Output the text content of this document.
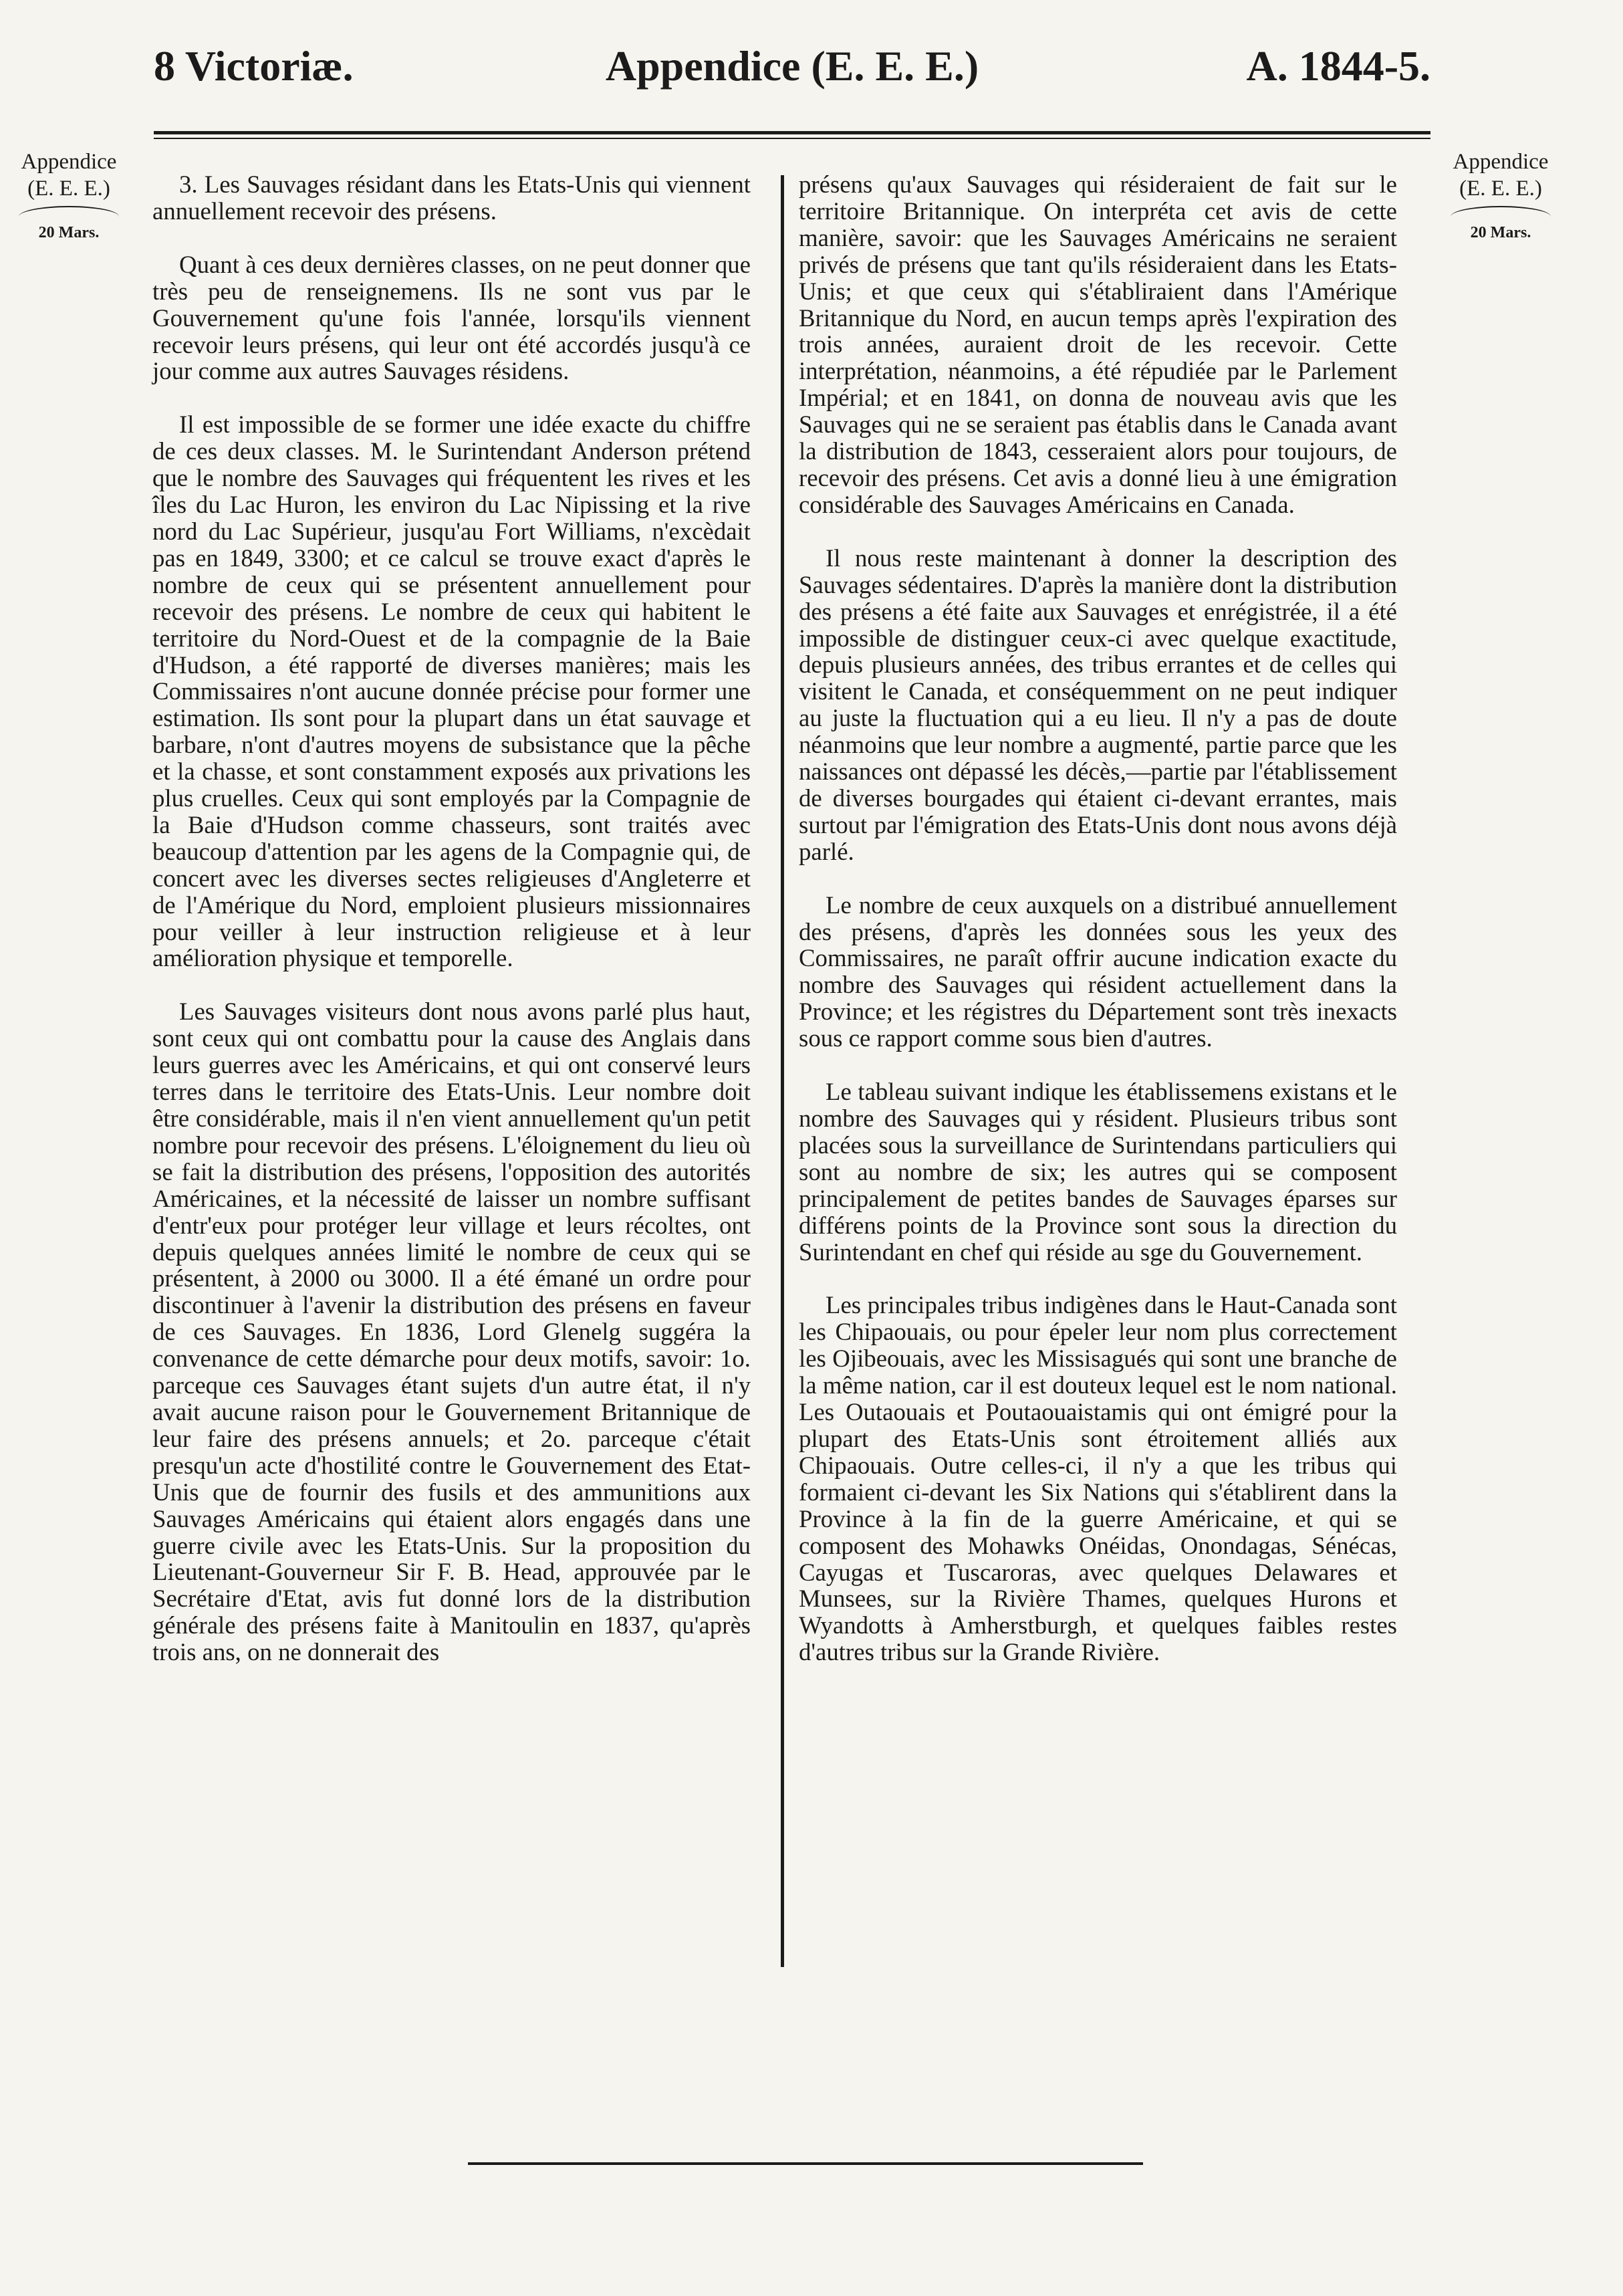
8 Victoriæ.	Appendice (E. E. E.)	A. 1844-5.
Appendice
(E. E. E.)
20 Mars.
Appendice
(E. E. E.)
20 Mars.

3. Les Sauvages résidant dans les Etats-Unis qui viennent annuellement recevoir des présens.

Quant à ces deux dernières classes, on ne peut donner que très peu de renseignemens. Ils ne sont vus par le Gouvernement qu'une fois l'année, lorsqu'ils viennent recevoir leurs présens, qui leur ont été accordés jusqu'à ce jour comme aux autres Sauvages résidens.

Il est impossible de se former une idée exacte du chiffre de ces deux classes. M. le Surintendant Anderson prétend que le nombre des Sauvages qui fréquentent les rives et les îles du Lac Huron, les environ du Lac Nipissing et la rive nord du Lac Supérieur, jusqu'au Fort Williams, n'excèdait pas en 1849, 3300; et ce calcul se trouve exact d'après le nombre de ceux qui se présentent annuellement pour recevoir des présens. Le nombre de ceux qui habitent le territoire du Nord-Ouest et de la compagnie de la Baie d'Hudson, a été rapporté de diverses manières; mais les Commissaires n'ont aucune donnée précise pour former une estimation. Ils sont pour la plupart dans un état sauvage et barbare, n'ont d'autres moyens de subsistance que la pêche et la chasse, et sont constamment exposés aux privations les plus cruelles. Ceux qui sont employés par la Compagnie de la Baie d'Hudson comme chasseurs, sont traités avec beaucoup d'attention par les agens de la Compagnie qui, de concert avec les diverses sectes religieuses d'Angleterre et de l'Amérique du Nord, emploient plusieurs missionnaires pour veiller à leur instruction religieuse et à leur amélioration physique et temporelle.

Les Sauvages visiteurs dont nous avons parlé plus haut, sont ceux qui ont combattu pour la cause des Anglais dans leurs guerres avec les Américains, et qui ont conservé leurs terres dans le territoire des Etats-Unis. Leur nombre doit être considérable, mais il n'en vient annuellement qu'un petit nombre pour recevoir des présens. L'éloignement du lieu où se fait la distribution des présens, l'opposition des autorités Américaines, et la nécessité de laisser un nombre suffisant d'entr'eux pour protéger leur village et leurs récoltes, ont depuis quelques années limité le nombre de ceux qui se présentent, à 2000 ou 3000. Il a été émané un ordre pour discontinuer à l'avenir la distribution des présens en faveur de ces Sauvages. En 1836, Lord Glenelg suggéra la convenance de cette démarche pour deux motifs, savoir: 1o. parceque ces Sauvages étant sujets d'un autre état, il n'y avait aucune raison pour le Gouvernement Britannique de leur faire des présens annuels; et 2o. parceque c'était presqu'un acte d'hostilité contre le Gouvernement des Etat-Unis que de fournir des fusils et des ammunitions aux Sauvages Américains qui étaient alors engagés dans une guerre civile avec les Etats-Unis. Sur la proposition du Lieutenant-Gouverneur Sir F. B. Head, approuvée par le Secrétaire d'Etat, avis fut donné lors de la distribution générale des présens faite à Manitoulin en 1837, qu'après trois ans, on ne donnerait des

présens qu'aux Sauvages qui résideraient de fait sur le territoire Britannique. On interpréta cet avis de cette manière, savoir: que les Sauvages Américains ne seraient privés de présens que tant qu'ils résideraient dans les Etats-Unis; et que ceux qui s'établiraient dans l'Amérique Britannique du Nord, en aucun temps après l'expiration des trois années, auraient droit de les recevoir. Cette interprétation, néanmoins, a été répudiée par le Parlement Impérial; et en 1841, on donna de nouveau avis que les Sauvages qui ne se seraient pas établis dans le Canada avant la distribution de 1843, cesseraient alors pour toujours, de recevoir des présens. Cet avis a donné lieu à une émigration considérable des Sauvages Américains en Canada.

Il nous reste maintenant à donner la description des Sauvages sédentaires. D'après la manière dont la distribution des présens a été faite aux Sauvages et enrégistrée, il a été impossible de distinguer ceux-ci avec quelque exactitude, depuis plusieurs années, des tribus errantes et de celles qui visitent le Canada, et conséquemment on ne peut indiquer au juste la fluctuation qui a eu lieu. Il n'y a pas de doute néanmoins que leur nombre a augmenté, partie parce que les naissances ont dépassé les décès,—partie par l'établissement de diverses bourgades qui étaient ci-devant errantes, mais surtout par l'émigration des Etats-Unis dont nous avons déjà parlé.

Le nombre de ceux auxquels on a distribué annuellement des présens, d'après les données sous les yeux des Commissaires, ne paraît offrir aucune indication exacte du nombre des Sauvages qui résident actuellement dans la Province; et les régistres du Département sont très inexacts sous ce rapport comme sous bien d'autres.

Le tableau suivant indique les établissemens existans et le nombre des Sauvages qui y résident. Plusieurs tribus sont placées sous la surveillance de Surintendans particuliers qui sont au nombre de six; les autres qui se composent principalement de petites bandes de Sauvages éparses sur différens points de la Province sont sous la direction du Surintendant en chef qui réside au sge du Gouvernement.

Les principales tribus indigènes dans le Haut-Canada sont les Chipaouais, ou pour épeler leur nom plus correctement les Ojibeouais, avec les Missisagués qui sont une branche de la même nation, car il est douteux lequel est le nom national. Les Outaouais et Poutaouaistamis qui ont émigré pour la plupart des Etats-Unis sont étroitement alliés aux Chipaouais. Outre celles-ci, il n'y a que les tribus qui formaient ci-devant les Six Nations qui s'établirent dans la Province à la fin de la guerre Américaine, et qui se composent des Mohawks Onéidas, Onondagas, Sénécas, Cayugas et Tuscaroras, avec quelques Delawares et Munsees, sur la Rivière Thames, quelques Hurons et Wyandotts à Amherstburgh, et quelques faibles restes d'autres tribus sur la Grande Rivière.
